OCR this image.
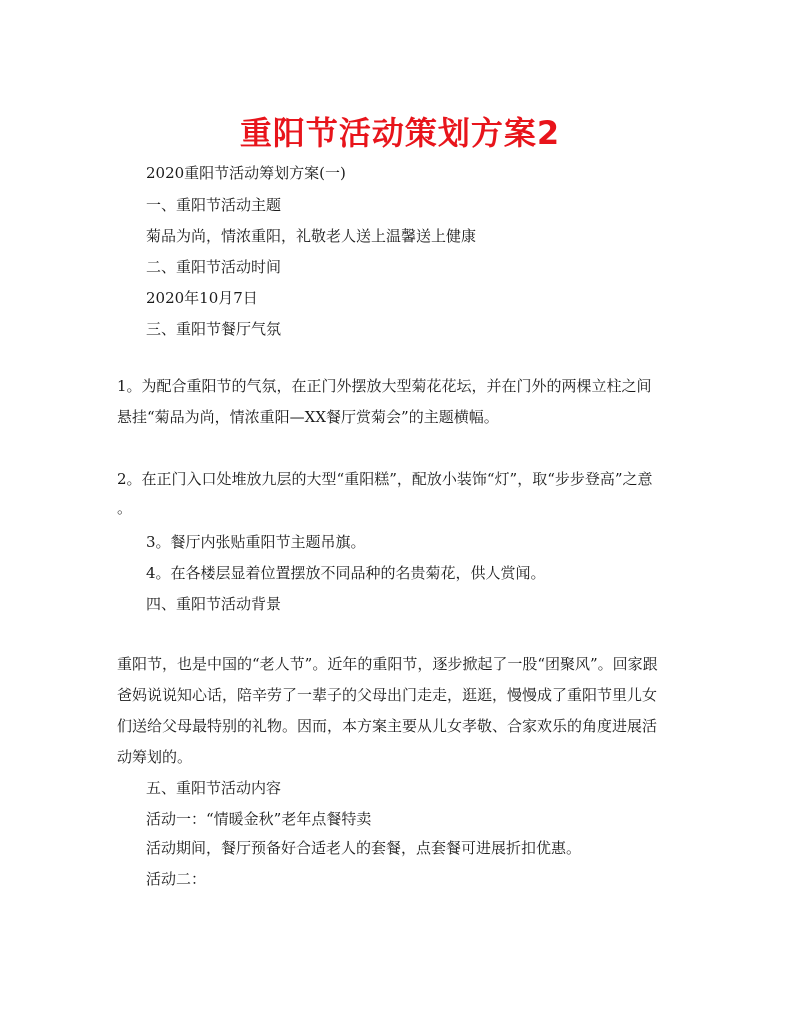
重阳节活动策划方案2
2020重阳节活动筹划方案(一)
一、重阳节活动主题
菊品为尚，情浓重阳，礼敬老人送上温馨送上健康
二、重阳节活动时间
2020年10月7日
三、重阳节餐厅气氛
1。为配合重阳节的气氛，在正门外摆放大型菊花花坛，并在门外的两棵立柱之间
悬挂“菊品为尚，情浓重阳—XX餐厅赏菊会”的主题横幅。
2。在正门入口处堆放九层的大型“重阳糕”，配放小装饰“灯”，取“步步登高”之意
。
3。餐厅内张贴重阳节主题吊旗。
4。在各楼层显着位置摆放不同品种的名贵菊花，供人赏闻。
四、重阳节活动背景
重阳节，也是中国的“老人节”。近年的重阳节，逐步掀起了一股“团聚风”。回家跟
爸妈说说知心话，陪辛劳了一辈子的父母出门走走，逛逛，慢慢成了重阳节里儿女
们送给父母最特别的礼物。因而，本方案主要从儿女孝敬、合家欢乐的角度进展活
动筹划的。
五、重阳节活动内容
活动一：“情暖金秋”老年点餐特卖
活动期间，餐厅预备好合适老人的套餐，点套餐可进展折扣优惠。
活动二：
